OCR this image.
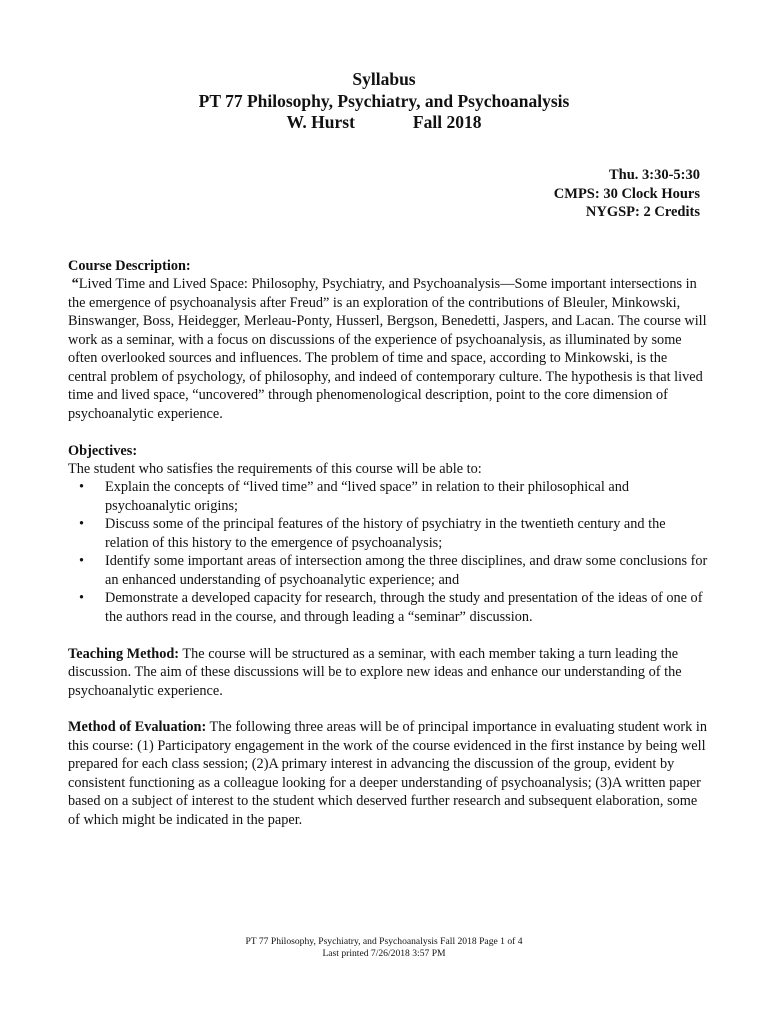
Syllabus
PT 77 Philosophy, Psychiatry, and Psychoanalysis
W. Hurst	Fall 2018
Thu. 3:30-5:30
CMPS: 30 Clock Hours
NYGSP: 2 Credits
Course Description:

“Lived Time and Lived Space: Philosophy, Psychiatry, and Psychoanalysis—Some important intersections in the emergence of psychoanalysis after Freud” is an exploration of the contributions of Bleuler, Minkowski, Binswanger, Boss, Heidegger, Merleau-Ponty, Husserl, Bergson, Benedetti, Jaspers, and Lacan. The course will work as a seminar, with a focus on discussions of the experience of psychoanalysis, as illuminated by some often overlooked sources and influences. The problem of time and space, according to Minkowski, is the central problem of psychology, of philosophy, and indeed of contemporary culture. The hypothesis is that lived time and lived space, “uncovered” through phenomenological description, point to the core dimension of psychoanalytic experience.

Objectives:
The student who satisfies the requirements of this course will be able to:
• Explain the concepts of “lived time” and “lived space” in relation to their philosophical and psychoanalytic origins;
• Discuss some of the principal features of the history of psychiatry in the twentieth century and the relation of this history to the emergence of psychoanalysis;
• Identify some important areas of intersection among the three disciplines, and draw some conclusions for an enhanced understanding of psychoanalytic experience; and
• Demonstrate a developed capacity for research, through the study and presentation of the ideas of one of the authors read in the course, and through leading a “seminar” discussion.

Teaching Method: The course will be structured as a seminar, with each member taking a turn leading the discussion. The aim of these discussions will be to explore new ideas and enhance our understanding of the psychoanalytic experience.

Method of Evaluation: The following three areas will be of principal importance in evaluating student work in this course: (1) Participatory engagement in the work of the course evidenced in the first instance by being well prepared for each class session; (2)A primary interest in advancing the discussion of the group, evident by consistent functioning as a colleague looking for a deeper understanding of psychoanalysis; (3)A written paper based on a subject of interest to the student which deserved further research and subsequent elaboration, some of which might be indicated in the paper.

PT 77 Philosophy, Psychiatry, and Psychoanalysis Fall 2018 Page 1 of 4
Last printed 7/26/2018 3:57 PM
